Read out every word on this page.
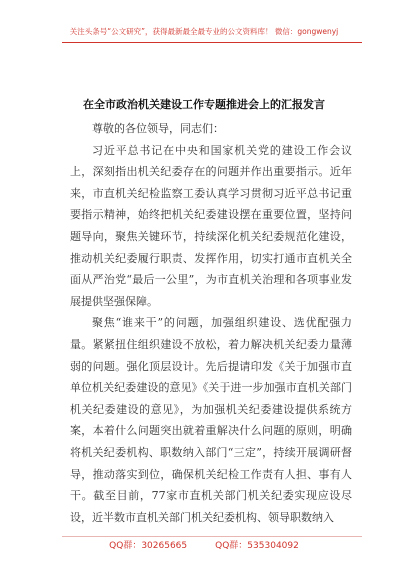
关注头条号“公文研究”，获得最新最全最专业的公文资料库！ 微信：gongwenyj
在全市政治机关建设工作专题推进会上的汇报发言

尊敬的各位领导，同志们：

习近平总书记在中央和国家机关党的建设工作会议上，深刻指出机关纪委存在的问题并作出重要指示。近年来，市直机关纪检监察工委认真学习贯彻习近平总书记重要指示精神，始终把机关纪委建设摆在重要位置，坚持问题导向，聚焦关键环节，持续深化机关纪委规范化建设，推动机关纪委履行职责、发挥作用，切实打通市直机关全面从严治党“最后一公里”，为市直机关治理和各项事业发展提供坚强保障。

聚焦“谁来干”的问题，加强组织建设、选优配强力量。紧紧扭住组织建设不放松，着力解决机关纪委力量薄弱的问题。强化顶层设计。先后提请印发《关于加强市直单位机关纪委建设的意见》《关于进一步加强市直机关部门机关纪委建设的意见》，为加强机关纪委建设提供系统方案，本着什么问题突出就着重解决什么问题的原则，明确将机关纪委机构、职数纳入部门“三定”，持续开展调研督导，推动落实到位，确保机关纪检工作责有人担、事有人干。截至目前，77家市直机关部门机关纪委实现应设尽设，近半数市直机关部门机关纪委机构、领导职数纳入

QQ群：30265665	QQ群：535304092
